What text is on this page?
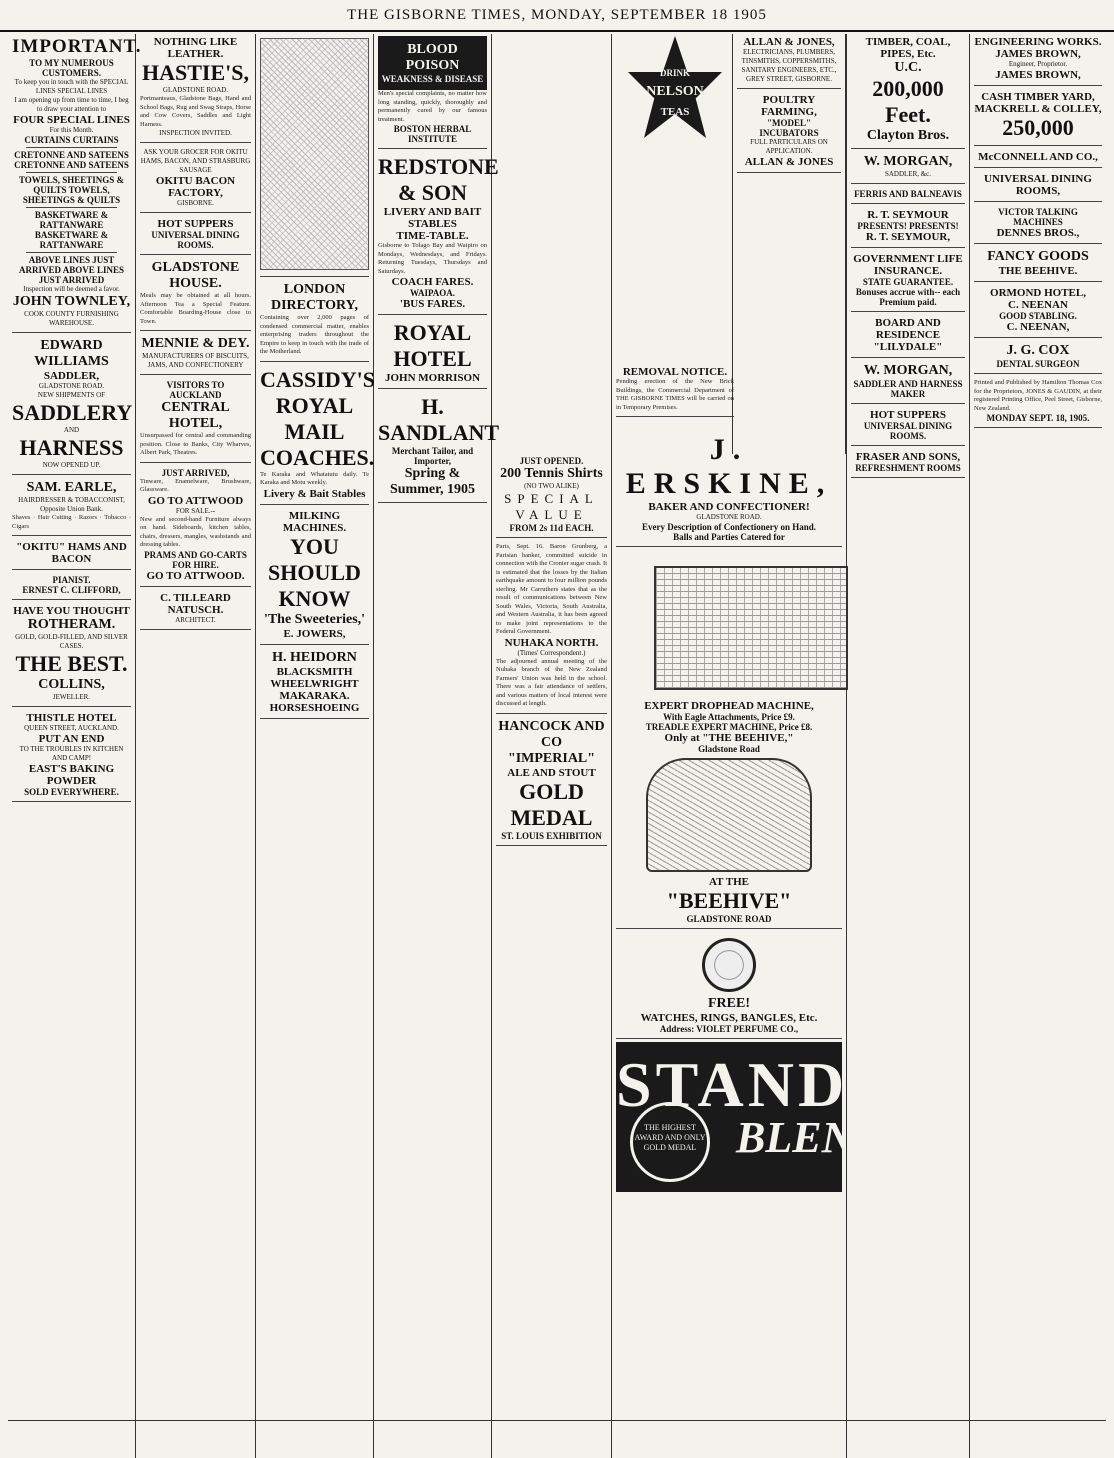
THE GISBORNE TIMES, MONDAY, SEPTEMBER 18 1905
IMPORTANT.
TO MY NUMEROUS CUSTOMERS.
To keep you in touch with the SPECIAL LINES SPECIAL LINES
I am opening up from time to time, I beg to draw your attention to
FOUR SPECIAL LINES
For this Month.
CURTAINS CURTAINS
CRETONNE AND SATEENS CRETONNE AND SATEENS
TOWELS, SHEETINGS & QUILTS TOWELS, SHEETINGS & QUILTS
BASKETWARE & RATTANWARE BASKETWARE & RATTANWARE
ABOVE LINES JUST ARRIVED ABOVE LINES JUST ARRIVED
Inspection will be deemed a favor.
JOHN TOWNLEY,
COOK COUNTY FURNISHING WAREHOUSE.
EDWARD WILLIAMS
SADDLER,
GLADSTONE ROAD.
NEW SHIPMENTS OF
SADDLERY
AND
HARNESS
NOW OPENED UP.
SAM. EARLE,
HAIRDRESSER & TOBACCONIST, Opposite Union Bank.
Shaves · Hair Cutting · Razors · Tobacco · Cigars
"OKITU" HAMS AND BACON
PIANIST.
ERNEST C. CLIFFORD,
HAVE YOU THOUGHT
ROTHERAM.
GOLD, GOLD-FILLED, AND SILVER CASES.
THE BEST.
COLLINS,
JEWELLER.
THISTLE HOTEL
QUEEN STREET, AUCKLAND.
PUT AN END
TO THE TROUBLES IN KITCHEN AND CAMP!
EAST'S BAKING POWDER
SOLD EVERYWHERE.
NOTHING LIKE LEATHER.
HASTIE'S,
GLADSTONE ROAD.
Portmanteaus, Gladstone Bags, Hand and School Bags, Rug and Swag Straps, Horse and Cow Covers, Saddles and Light Harness.
INSPECTION INVITED.
ASK YOUR GROCER FOR OKITU HAMS, BACON, AND STRASBURG SAUSAGE
OKITU BACON FACTORY,
GISBORNE.
HOT SUPPERS
UNIVERSAL DINING ROOMS.
GLADSTONE HOUSE.
Meals may be obtained at all hours. Afternoon Tea a Special Feature. Comfortable Boarding-House close to Town.
MENNIE & DEY.
MANUFACTURERS OF BISCUITS, JAMS, AND CONFECTIONERY
VISITORS TO AUCKLAND
CENTRAL HOTEL,
Unsurpassed for central and commanding position. Close to Banks, City Wharves, Albert Park, Theatres.
JUST ARRIVED,
Tinware, Enamelware, Brushware, Glassware.
GO TO ATTWOOD
FOR SALE.--
New and second-hand Furniture always on hand. Sideboards, kitchen tables, chairs, dressers, mangles, washstands and dressing tables.
PRAMS AND GO-CARTS FOR HIRE.
GO TO ATTWOOD.
C. TILLEARD NATUSCH.
ARCHITECT.
LONDON DIRECTORY,
Containing over 2,000 pages of condensed commercial matter, enables enterprising traders throughout the Empire to keep in touch with the trade of the Motherland.
CASSIDY'S
ROYAL MAIL
COACHES.
Te Karaka and Whatatutu daily. Te Karaka and Motu weekly.
Livery & Bait Stables
MILKING MACHINES.
YOU SHOULD KNOW
'The Sweeteries,'
E. JOWERS,
H. HEIDORN
BLACKSMITH
WHEELWRIGHT
MAKARAKA.
HORSESHOEING
BLOOD POISON
WEAKNESS & DISEASE
Men's special complaints, no matter how long standing, quickly, thoroughly and permanently cured by our famous treatment.
BOSTON HERBAL INSTITUTE
REDSTONE & SON
LIVERY AND BAIT STABLES
TIME-TABLE.
Gisborne to Tolago Bay and Waipiro on Mondays, Wednesdays, and Fridays. Returning Tuesdays, Thursdays and Saturdays.
COACH FARES.
WAIPAOA.
'BUS FARES.
ROYAL HOTEL
JOHN MORRISON
H. SANDLANT
Merchant Tailor, and Importer,
Spring & Summer, 1905
JUST OPENED.
200 Tennis Shirts
(NO TWO ALIKE)
SPECIAL
VALUE
FROM 2s 11d EACH.
Paris, Sept. 16. Baron Grunberg, a Parisian banker, committed suicide in connection with the Cronier sugar crash. It is estimated that the losses by the Italian earthquake amount to four million pounds sterling. Mr Carruthers states that as the result of communications between New South Wales, Victoria, South Australia, and Western Australia, it has been agreed to make joint representations to the Federal Government.
NUHAKA NORTH.
(Times' Correspondent.)
The adjourned annual meeting of the Nuhaka branch of the New Zealand Farmers' Union was held in the school. There was a fair attendance of settlers, and various matters of local interest were discussed at length.
HANCOCK AND CO
"IMPERIAL"
ALE AND STOUT
GOLD MEDAL
ST. LOUIS EXHIBITION
DRINK
NELSON
TEAS
REMOVAL NOTICE.
Pending erection of the New Brick Buildings, the Commercial Department of THE GISBORNE TIMES will be carried on in Temporary Premises.
J. ERSKINE,
BAKER AND CONFECTIONER!
GLADSTONE ROAD.
Every Description of Confectionery on Hand.
Balls and Parties Catered for
EXPERT DROPHEAD MACHINE,
With Eagle Attachments, Price £9.
TREADLE EXPERT MACHINE, Price £8.
Only at "THE BEEHIVE,"
Gladstone Road
AT THE
"BEEHIVE"
GLADSTONE ROAD
FREE!
WATCHES, RINGS, BANGLES, Etc.
Address: VIOLET PERFUME CO.,
STANDARD
BLENDED
TEAS
THE HIGHEST AWARD AND ONLY GOLD MEDAL
ALLAN & JONES,
ELECTRICIANS, PLUMBERS, TINSMITHS, COPPERSMITHS, SANITARY ENGINEERS, ETC.,
GREY STREET, GISBORNE.
POULTRY FARMING,
"MODEL" INCUBATORS
FULL PARTICULARS ON APPLICATION.
ALLAN & JONES
TIMBER, COAL, PIPES, Etc.
U.C.
200,000 Feet.
Clayton Bros.
W. MORGAN,
SADDLER, &c.
FERRIS AND BALNEAVIS
R. T. SEYMOUR
PRESENTS! PRESENTS!
R. T. SEYMOUR,
GOVERNMENT LIFE INSURANCE.
STATE GUARANTEE.
Bonuses accrue with-- each Premium paid.
BOARD AND RESIDENCE
"LILYDALE"
W. MORGAN,
SADDLER AND HARNESS MAKER
HOT SUPPERS
UNIVERSAL DINING ROOMS.
FRASER AND SONS,
REFRESHMENT ROOMS
ENGINEERING WORKS.
JAMES BROWN,
Engineer, Proprietor.
JAMES BROWN,
CASH TIMBER YARD,
MACKRELL & COLLEY,
250,000
McCONNELL AND CO.,
UNIVERSAL DINING ROOMS,
VICTOR TALKING MACHINES
DENNES BROS.,
FANCY GOODS
THE BEEHIVE.
ORMOND HOTEL,
C. NEENAN
GOOD STABLING.
C. NEENAN,
J. G. COX
DENTAL SURGEON
Printed and Published by Hamilton Thomas Cox for the Proprietors, JONES & GAUDIN, at their registered Printing Office, Peel Street, Gisborne, New Zealand.
MONDAY SEPT. 18, 1905.
